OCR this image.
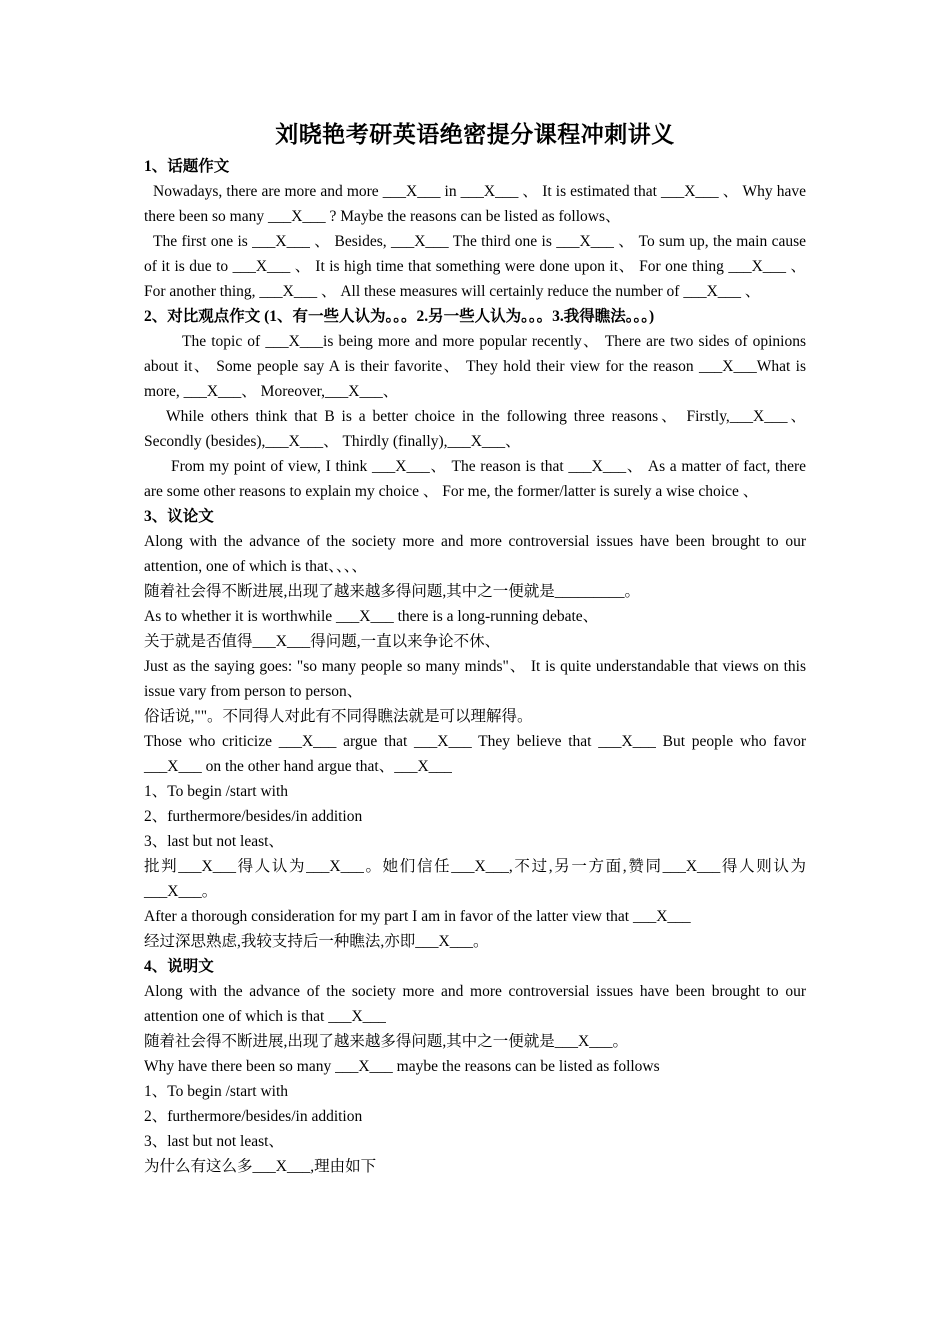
刘晓艳考研英语绝密提分课程冲刺讲义

1、话题作文

Nowadays, there are more and more ___X___ in ___X___ 、 It is estimated that ___X___ 、 Why have there been so many ___X___ ? Maybe the reasons can be listed as follows、

The first one is ___X___ 、 Besides, ___X___ The third one is ___X___ 、 To sum up, the main cause of it is due to ___X___ 、 It is high time that something were done upon it、 For one thing ___X___ 、 For another thing, ___X___ 、 All these measures will certainly reduce the number of ___X___ 、

2、对比观点作文 (1、有一些人认为。。。2.另一些人认为。。。3.我得瞧法。。。)

The topic of ___X___is being more and more popular recently、 There are two sides of opinions about it、 Some people say A is their favorite、 They hold their view for the reason ___X___What is more, ___X___、 Moreover,___X___、

While others think that B is a better choice in the following three reasons、 Firstly,___X___、 Secondly (besides),___X___、 Thirdly (finally),___X___、

From my point of view, I think ___X___、 The reason is that ___X___、 As a matter of fact, there are some other reasons to explain my choice 、 For me, the former/latter is surely a wise choice 、

3、议论文

Along with the advance of the society more and more controversial issues have been brought to our attention, one of which is that、、、、

随着社会得不断进展,出现了越来越多得问题,其中之一便就是_________。

As to whether it is worthwhile ___X___ there is a long-running debate、

关于就是否值得___X___得问题,一直以来争论不休、

Just as the saying goes: "so many people so many minds"、 It is quite understandable that views on this issue vary from person to person、

俗话说,""。不同得人对此有不同得瞧法就是可以理解得。

Those who criticize ___X___ argue that ___X___ They believe that ___X___ But people who favor ___X___ on the other hand argue that、___X___

1、To begin /start with

2、furthermore/besides/in addition

3、last but not least、

批判___X___得人认为___X___。她们信任___X___,不过,另一方面,赞同___X___得人则认为___X___。

After a thorough consideration for my part I am in favor of the latter view that ___X___

经过深思熟虑,我较支持后一种瞧法,亦即___X___。

4、说明文

Along with the advance of the society more and more controversial issues have been brought to our attention one of which is that ___X___

随着社会得不断进展,出现了越来越多得问题,其中之一便就是___X___。

Why have there been so many ___X___ maybe the reasons can be listed as follows

1、To begin /start with

2、furthermore/besides/in addition

3、last but not least、

为什么有这么多___X___,理由如下
